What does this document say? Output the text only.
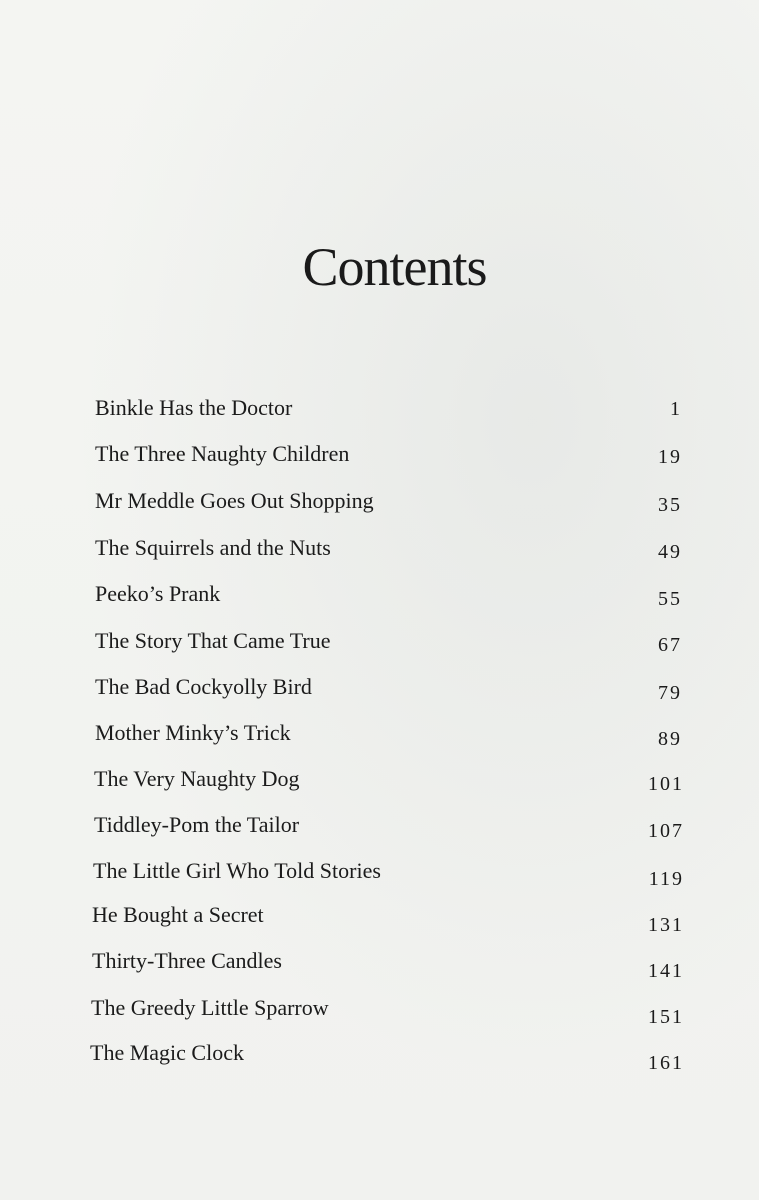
Contents
Binkle Has the Doctor	1
The Three Naughty Children	19
Mr Meddle Goes Out Shopping	35
The Squirrels and the Nuts	49
Peeko’s Prank	55
The Story That Came True	67
The Bad Cockyolly Bird	79
Mother Minky’s Trick	89
The Very Naughty Dog	101
Tiddley-Pom the Tailor	107
The Little Girl Who Told Stories	119
He Bought a Secret	131
Thirty-Three Candles	141
The Greedy Little Sparrow	151
The Magic Clock	161
